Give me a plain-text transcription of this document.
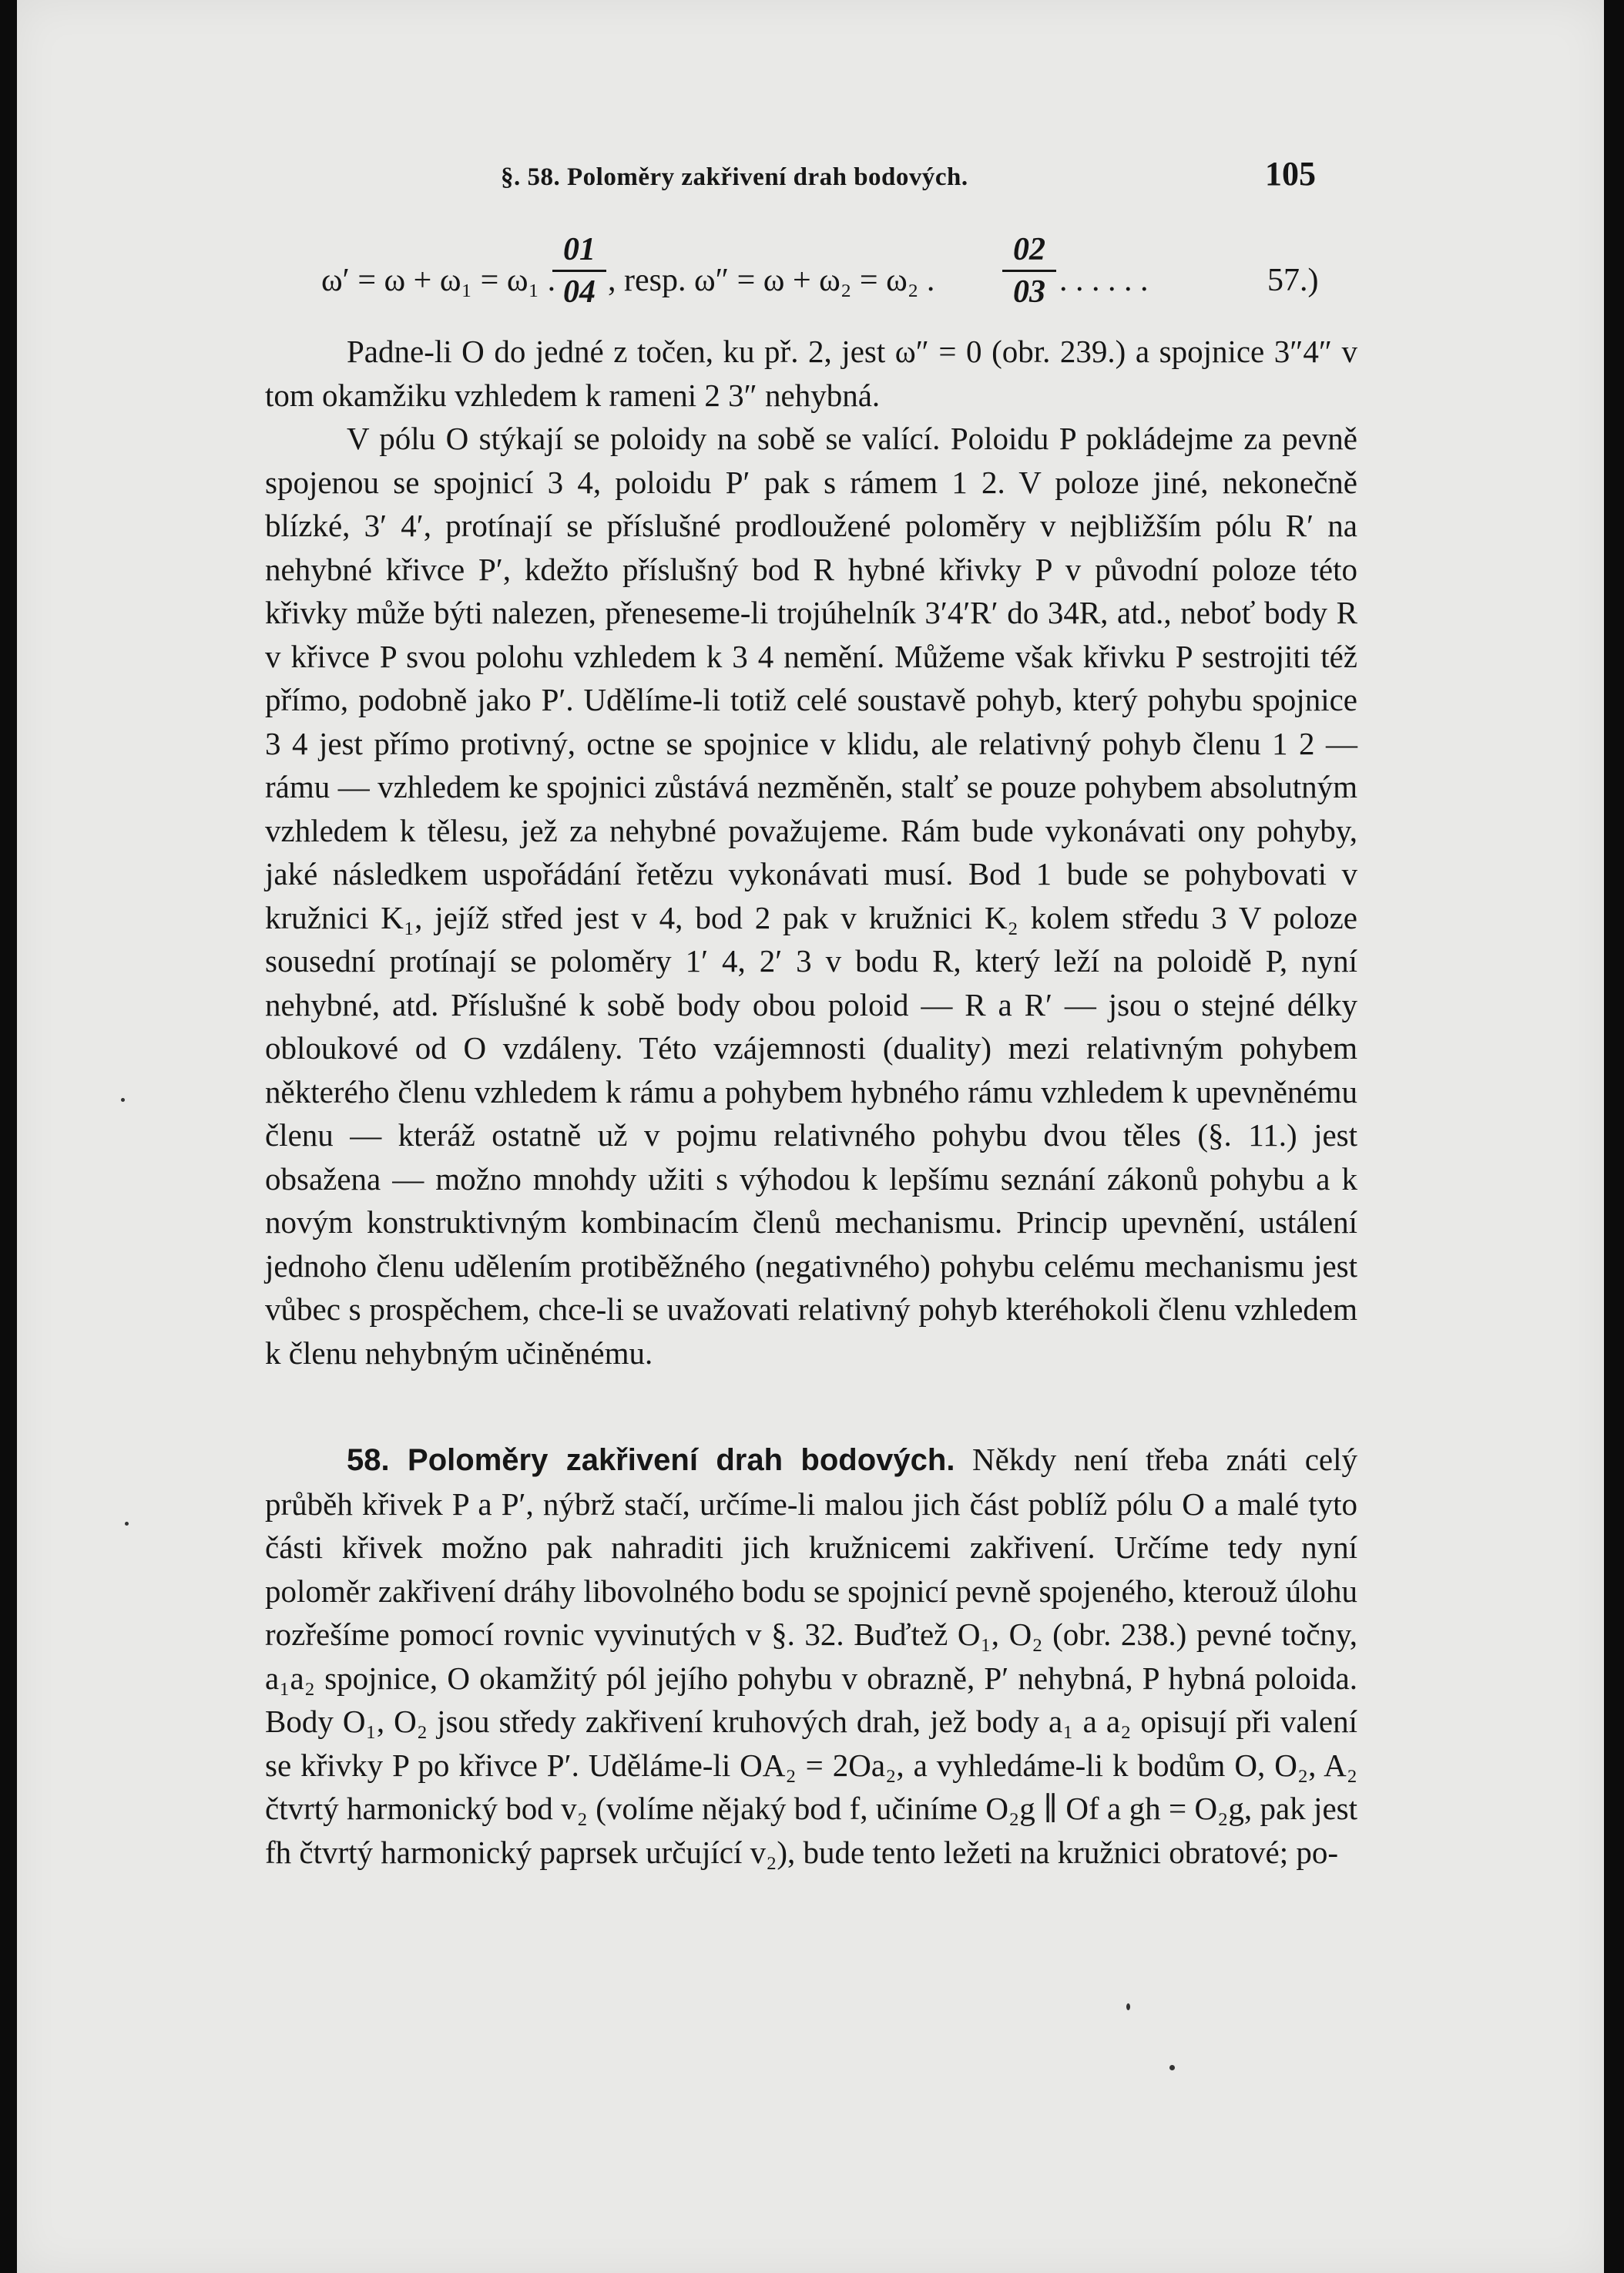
§. 58. Poloměry zakřivení drah bodových.	105
ω′ = ω + ω₁ = ω₁ .
$\frac{01}{04}$ , resp. ω″ = ω + ω₂ = ω₂ . $\frac{02}{03}$ . . . . . .	57.)

Padne-li O do jedné z točen, ku př. 2, jest ω″ = 0 (obr. 239.) a spojnice 3″4″ v tom okamžiku vzhledem k rameni 2 3″ nehybná.

V pólu O stýkají se poloidy na sobě se valící. Poloidu P pokládejme za pevně spojenou se spojnicí 3 4, poloidu P′ pak s rámem 1 2. V poloze jiné, nekonečně blízké, 3′ 4′, protínají se příslušné prodloužené poloměry v nejbližším pólu R′ na nehybné křivce P′, kdežto příslušný bod R hybné křivky P v původní poloze této křivky může býti nalezen, přeneseme-li trojúhelník 3′4′R′ do 34R, atd., neboť body R v křivce P svou polohu vzhledem k 3 4 nemění. Můžeme však křivku P sestrojiti též přímo, podobně jako P′. Udělíme-li totiž celé soustavě pohyb, který pohybu spojnice 3 4 jest přímo protivný, octne se spojnice v klidu, ale relativný pohyb členu 1 2 — rámu — vzhledem ke spojnici zůstává nezměněn, stalť se pouze pohybem absolutným vzhledem k tělesu, jež za nehybné považujeme. Rám bude vykonávati ony pohyby, jaké následkem uspořádání řetězu vykonávati musí. Bod 1 bude se pohybovati v kružnici K₁, jejíž střed jest v 4, bod 2 pak v kružnici K₂ kolem středu 3 V poloze sousední protínají se poloměry 1′ 4, 2′ 3 v bodu R, který leží na poloidě P, nyní nehybné, atd. Příslušné k sobě body obou poloid — R a R′ — jsou o stejné délky obloukové od O vzdáleny. Této vzájemnosti (duality) mezi relativným pohybem některého členu vzhledem k rámu a pohybem hybného rámu vzhledem k upevněnému členu — kteráž ostatně už v pojmu relativného pohybu dvou těles (§. 11.) jest obsažena — možno mnohdy užiti s výhodou k lepšímu seznání zákonů pohybu a k novým konstruktivným kombinacím členů mechanismu. Princip upevnění, ustálení jednoho členu udělením protiběžného (negativného) pohybu celému mechanismu jest vůbec s prospěchem, chce-li se uvažovati relativný pohyb kteréhokoli členu vzhledem k členu nehybným učiněnému.

58. Poloměry zakřivení drah bodových. Někdy není třeba znáti celý průběh křivek P a P′, nýbrž stačí, určíme-li malou jich část poblíž pólu O a malé tyto části křivek možno pak nahraditi jich kružnicemi zakřivení. Určíme tedy nyní poloměr zakřivení dráhy libovolného bodu se spojnicí pevně spojeného, kterouž úlohu rozřešíme pomocí rovnic vyvinutých v §. 32. Buďtež O₁, O₂ (obr. 238.) pevné točny, a₁a₂ spojnice, O okamžitý pól jejího pohybu v obrazně, P′ nehybná, P hybná poloida. Body O₁, O₂ jsou středy zakřivení kruhových drah, jež body a₁ a a₂ opisují při valení se křivky P po křivce P′. Uděláme-li OA₂ = 2Oa₂, a vyhledáme-li k bodům O, O₂, A₂ čtvrtý harmonický bod v₂ (volíme nějaký bod f, učiníme O₂g ∥ Of a gh = O₂g, pak jest fh čtvrtý harmonický paprsek určující v₂), bude tento ležeti na kružnici obratové; po-
